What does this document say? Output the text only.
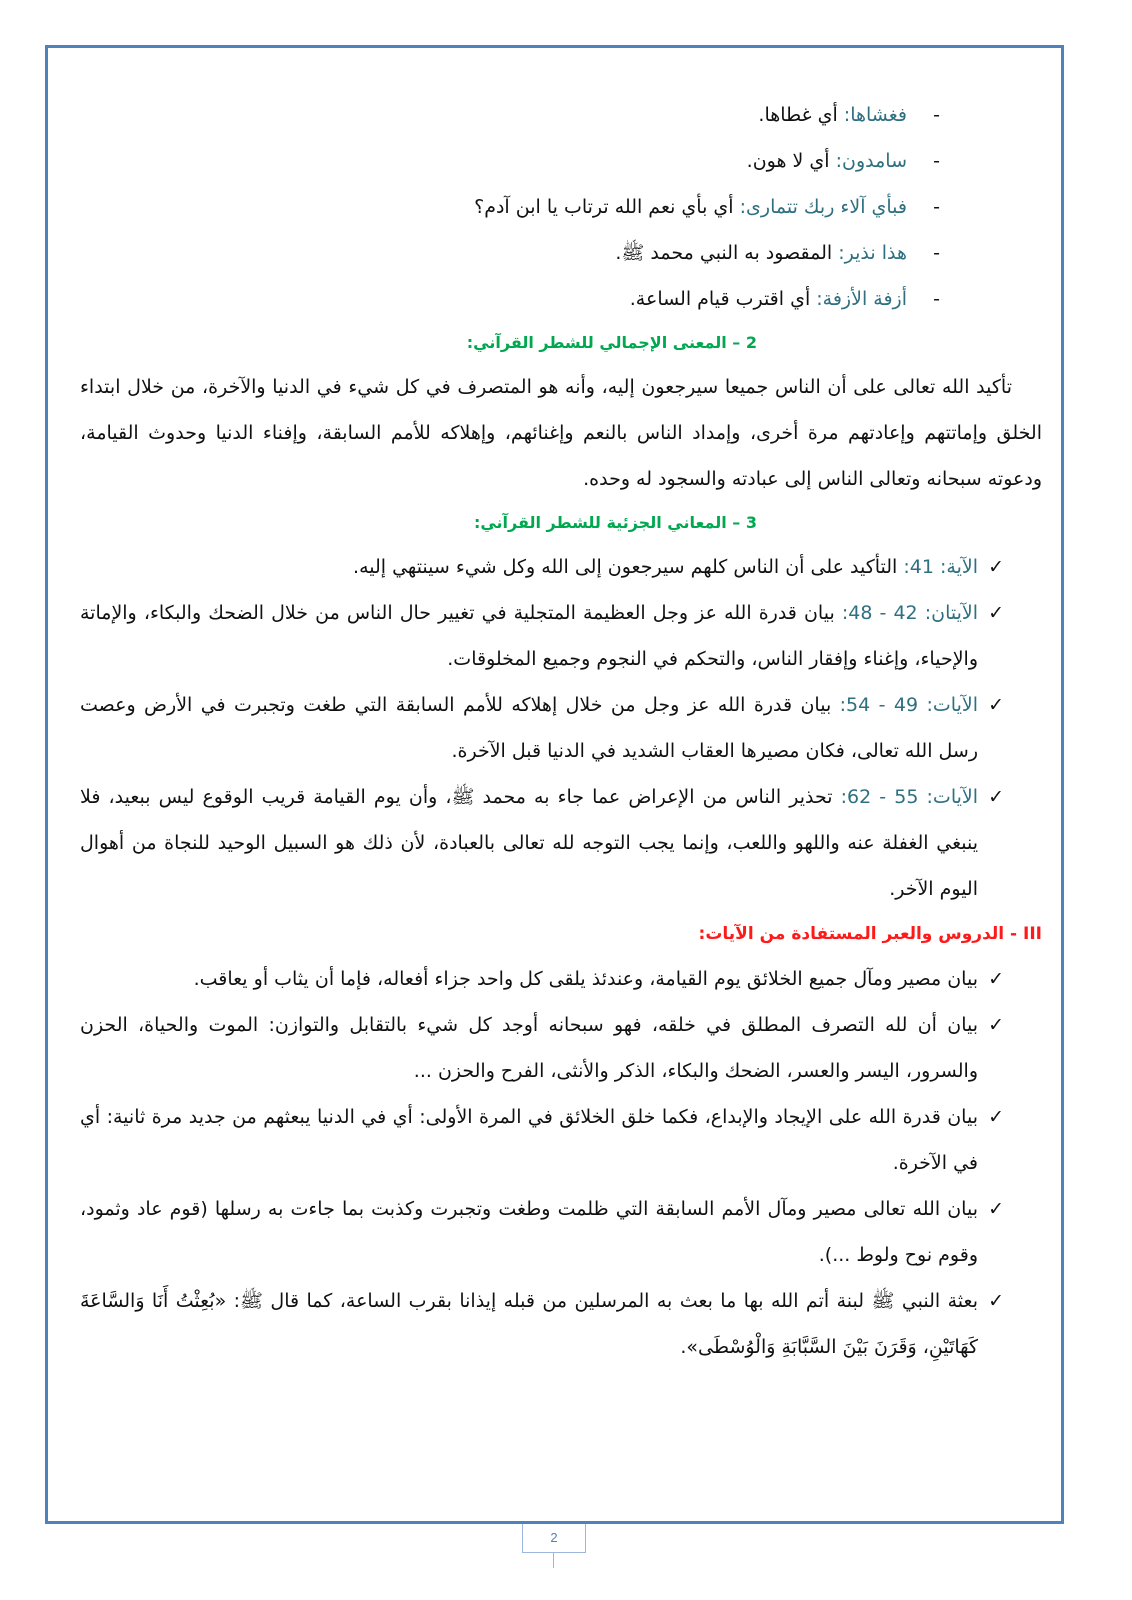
-
فغشاها: أي غطاها.
-
سامدون: أي لا هون.
-
فبأي آلاء ربك تتمارى: أي بأي نعم الله ترتاب يا ابن آدم؟
-
هذا نذير: المقصود به النبي محمد ﷺ.
-
أزفة الأزفة: أي اقترب قيام الساعة.
2 – المعنى الإجمالي للشطر القرآني:
تأكيد الله تعالى على أن الناس جميعا سيرجعون إليه، وأنه هو المتصرف في كل شيء في الدنيا والآخرة، من خلال ابتداء الخلق وإماتتهم وإعادتهم مرة أخرى، وإمداد الناس بالنعم وإغنائهم، وإهلاكه للأمم السابقة، وإفناء الدنيا وحدوث القيامة، ودعوته سبحانه وتعالى الناس إلى عبادته والسجود له وحده.
3 – المعاني الجزئية للشطر القرآني:
✓
الآية: 41: التأكيد على أن الناس كلهم سيرجعون إلى الله وكل شيء سينتهي إليه.
✓
الآيتان: 42 - 48: بيان قدرة الله عز وجل العظيمة المتجلية في تغيير حال الناس من خلال الضحك والبكاء، والإماتة والإحياء، وإغناء وإفقار الناس، والتحكم في النجوم وجميع المخلوقات.
✓
الآيات: 49 - 54: بيان قدرة الله عز وجل من خلال إهلاكه للأمم السابقة التي طغت وتجبرت في الأرض وعصت رسل الله تعالى، فكان مصيرها العقاب الشديد في الدنيا قبل الآخرة.
✓
الآيات: 55 - 62: تحذير الناس من الإعراض عما جاء به محمد ﷺ، وأن يوم القيامة قريب الوقوع ليس ببعيد، فلا ينبغي الغفلة عنه واللهو واللعب، وإنما يجب التوجه لله تعالى بالعبادة، لأن ذلك هو السبيل الوحيد للنجاة من أهوال اليوم الآخر.
III - الدروس والعبر المستفادة من الآيات:
✓
بيان مصير ومآل جميع الخلائق يوم القيامة، وعندئذ يلقى كل واحد جزاء أفعاله، فإما أن يثاب أو يعاقب.
✓
بيان أن لله التصرف المطلق في خلقه، فهو سبحانه أوجد كل شيء بالتقابل والتوازن: الموت والحياة، الحزن والسرور، اليسر والعسر، الضحك والبكاء، الذكر والأنثى، الفرح والحزن ...
✓
بيان قدرة الله على الإيجاد والإبداع، فكما خلق الخلائق في المرة الأولى: أي في الدنيا يبعثهم من جديد مرة ثانية: أي في الآخرة.
✓
بيان الله تعالى مصير ومآل الأمم السابقة التي ظلمت وطغت وتجبرت وكذبت بما جاءت به رسلها (قوم عاد وثمود، وقوم نوح ولوط ...).
✓
بعثة النبي ﷺ لبنة أتم الله بها ما بعث به المرسلين من قبله إيذانا بقرب الساعة، كما قال ﷺ: «بُعِثْتُ أَنَا وَالسَّاعَةَ كَهَاتَيْنِ، وَقَرَنَ بَيْنَ السَّبَّابَةِ وَالْوُسْطَى».
2
